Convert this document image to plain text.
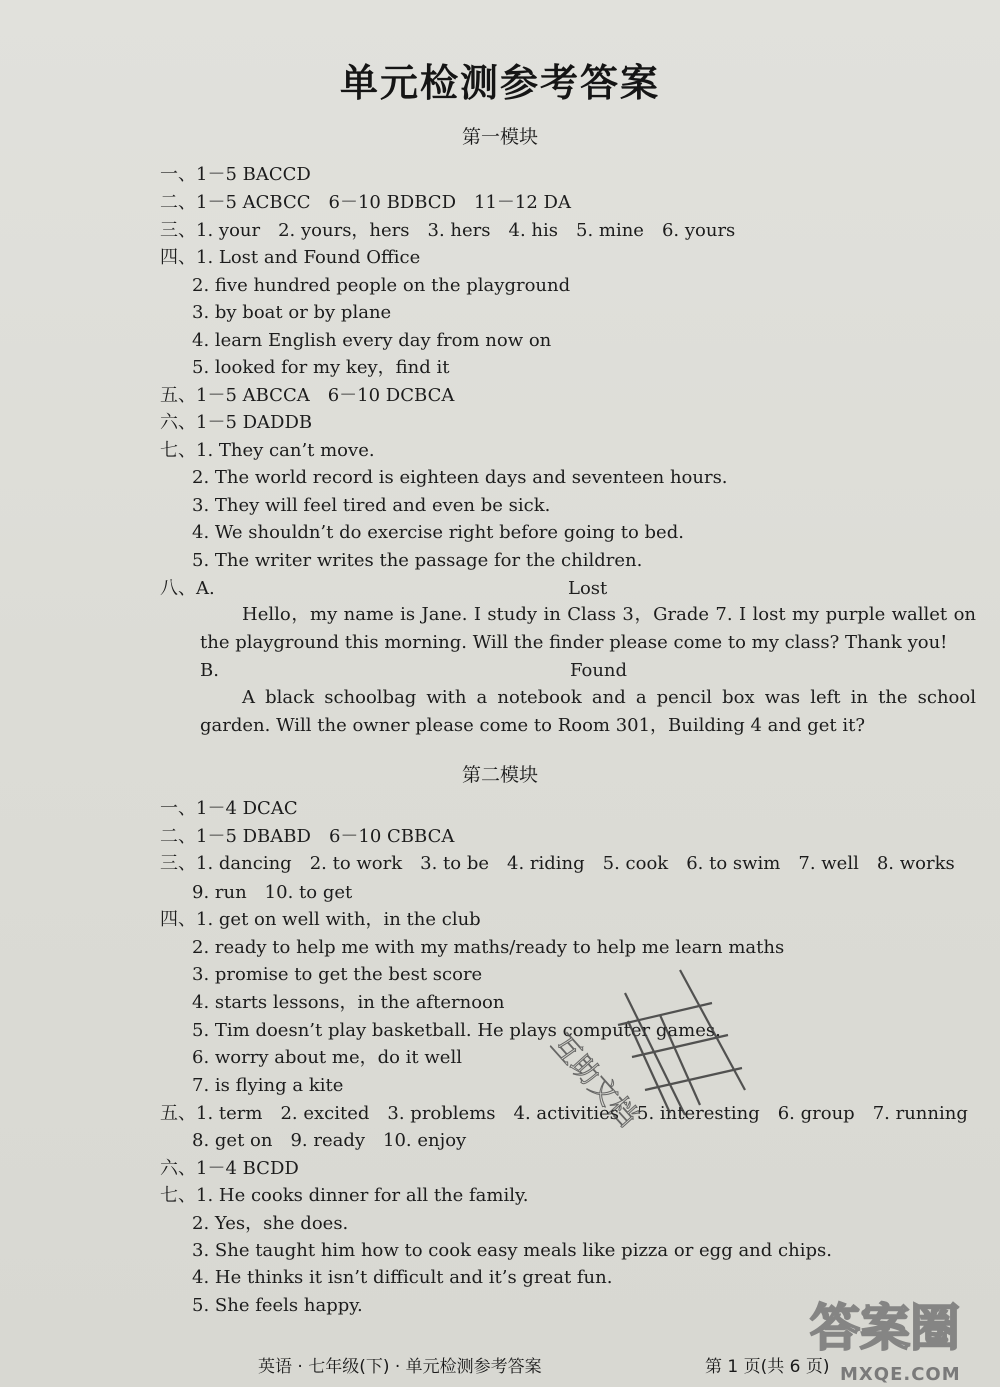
单元检测参考答案
第一模块
一、1－5 BACCD
二、1－5 ACBCC　6－10 BDBCD　11－12 DA
三、1. your　2. yours，hers　3. hers　4. his　5. mine　6. yours
四、1. Lost and Found Office
2. five hundred people on the playground
3. by boat or by plane
4. learn English every day from now on
5. looked for my key，find it
五、1－5 ABCCA　6－10 DCBCA
六、1－5 DADDB
七、1. They can’t move.
2. The world record is eighteen days and seventeen hours.
3. They will feel tired and even be sick.
4. We shouldn’t do exercise right before going to bed.
5. The writer writes the passage for the children.
八、A.	Lost
Hello，my name is Jane. I study in Class 3，Grade 7. I lost my purple wallet on the playground this morning. Will the finder please come to my class? Thank you!
B.	Found
A black schoolbag with a notebook and a pencil box was left in the school garden. Will the owner please come to Room 301，Building 4 and get it?
第二模块
一、1－4 DCAC
二、1－5 DBABD　6－10 CBBCA
三、1. dancing　2. to work　3. to be　4. riding　5. cook　6. to swim　7. well　8. works
9. run　10. to get
四、1. get on well with，in the club
2. ready to help me with my maths/ready to help me learn maths
3. promise to get the best score
4. starts lessons，in the afternoon
5. Tim doesn’t play basketball. He plays computer games.
6. worry about me，do it well
7. is flying a kite
五、1. term　2. excited　3. problems　4. activities　5. interesting　6. group　7. running
8. get on　9. ready　10. enjoy
六、1－4 BCDD
七、1. He cooks dinner for all the family.
2. Yes，she does.
3. She taught him how to cook easy meals like pizza or egg and chips.
4. He thinks it isn’t difficult and it’s great fun.
5. She feels happy.
互助文档
英语 · 七年级(下) · 单元检测参考答案	第 1 页(共 6 页)
答案圈
MXQE.COM
